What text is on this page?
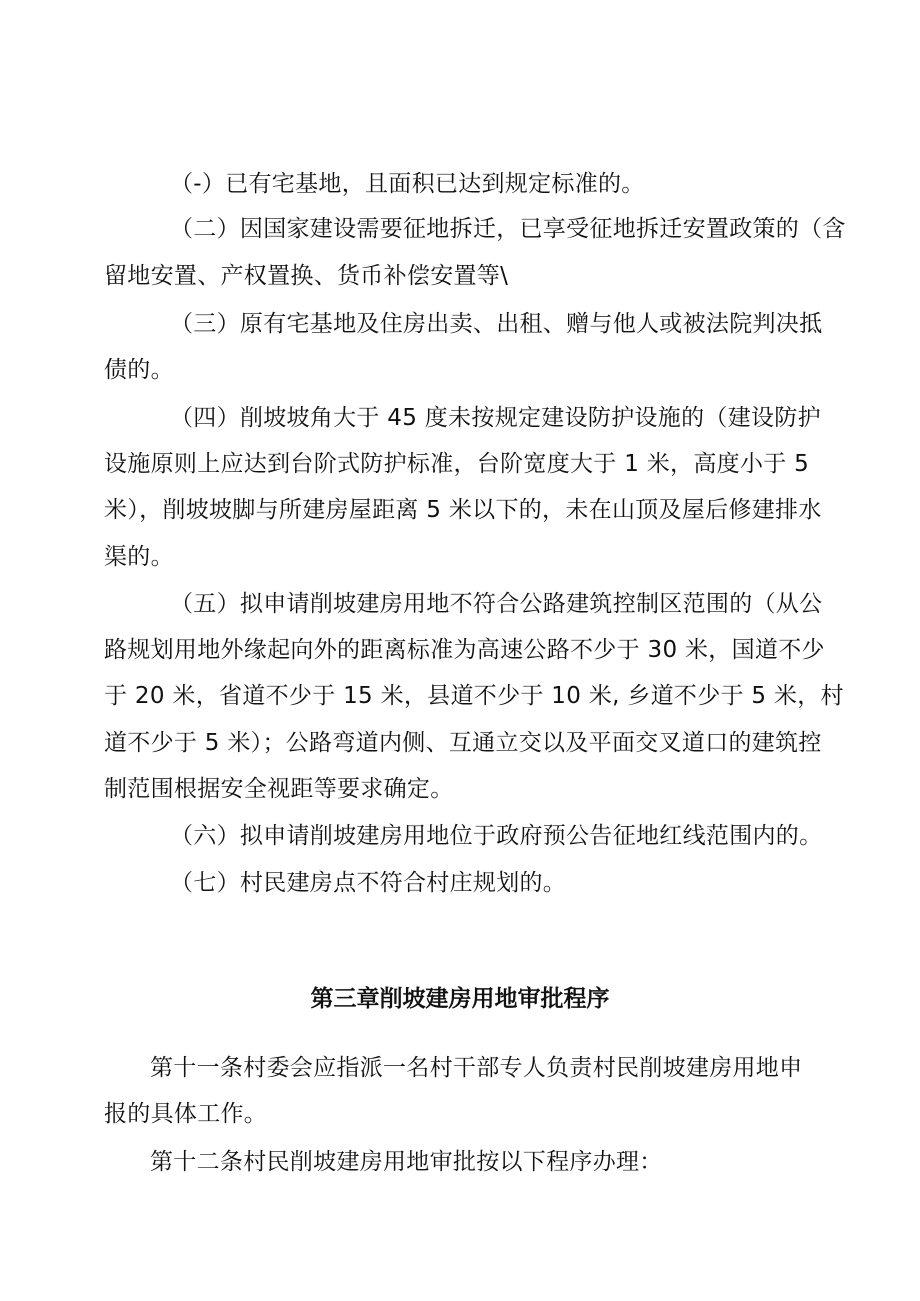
（-）已有宅基地，且面积已达到规定标准的。

（二）因国家建设需要征地拆迁，已享受征地拆迁安置政策的（含

留地安置、产权置换、货币补偿安置等\

（三）原有宅基地及住房出卖、出租、赠与他人或被法院判决抵

债的。

（四）削坡坡角大于 45 度未按规定建设防护设施的（建设防护

设施原则上应达到台阶式防护标准，台阶宽度大于 1 米，高度小于 5

米），削坡坡脚与所建房屋距离 5 米以下的，未在山顶及屋后修建排水

渠的。

（五）拟申请削坡建房用地不符合公路建筑控制区范围的（从公

路规划用地外缘起向外的距离标准为高速公路不少于 30 米，国道不少

于 20 米，省道不少于 15 米，县道不少于 10 米, 乡道不少于 5 米，村

道不少于 5 米）；公路弯道内侧、互通立交以及平面交叉道口的建筑控

制范围根据安全视距等要求确定。

（六）拟申请削坡建房用地位于政府预公告征地红线范围内的。

（七）村民建房点不符合村庄规划的。

第三章削坡建房用地审批程序

第十一条村委会应指派一名村干部专人负责村民削坡建房用地申

报的具体工作。

第十二条村民削坡建房用地审批按以下程序办理：
